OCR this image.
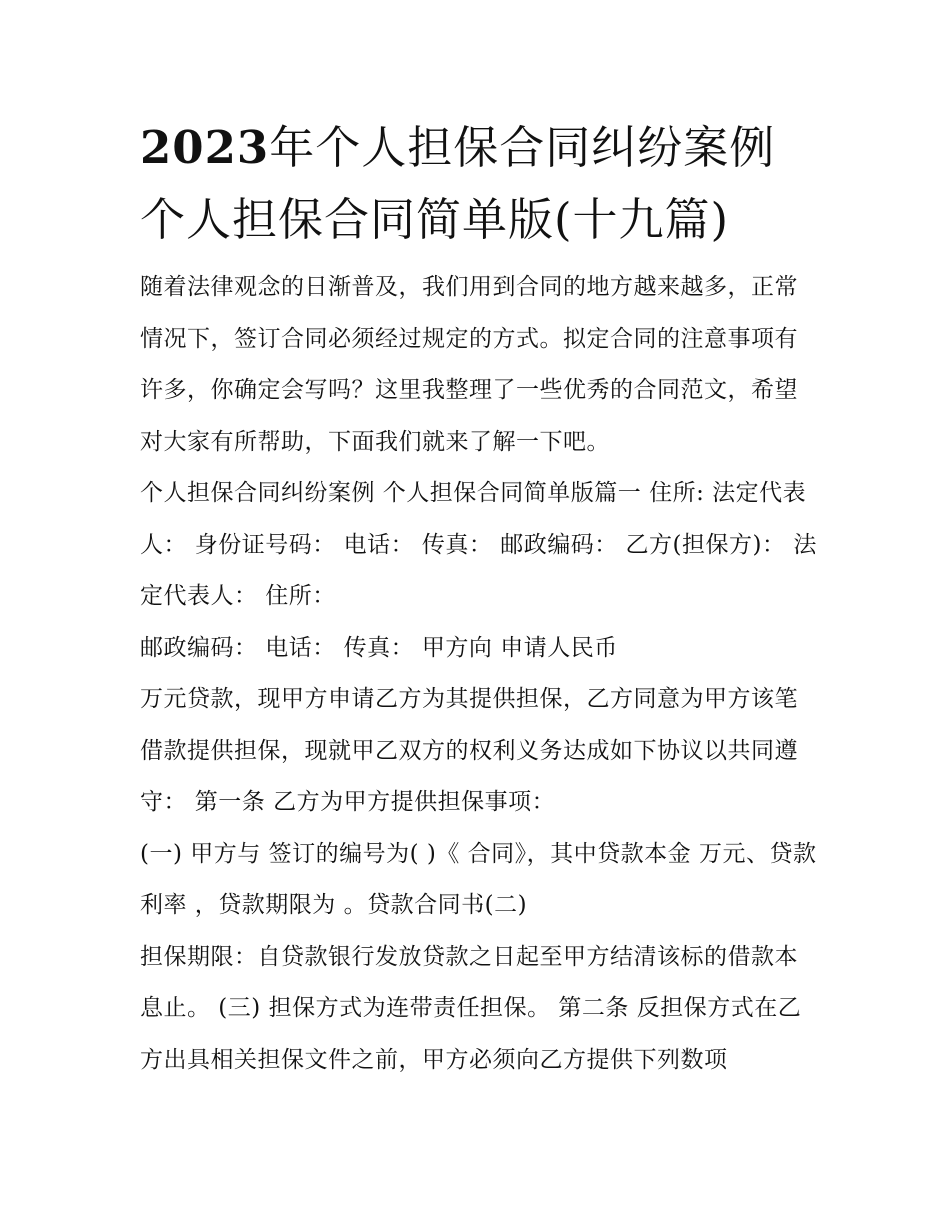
2023年个人担保合同纠纷案例
个人担保合同简单版(十九篇)

随着法律观念的日渐普及，我们用到合同的地方越来越多，正常情况下，签订合同必须经过规定的方式。拟定合同的注意事项有许多，你确定会写吗？这里我整理了一些优秀的合同范文，希望对大家有所帮助，下面我们就来了解一下吧。

个人担保合同纠纷案例 个人担保合同简单版篇一 住所: 法定代表人： 身份证号码： 电话： 传真： 邮政编码： 乙方(担保方)： 法定代表人： 住所：

邮政编码： 电话： 传真： 甲方向 申请人民币

万元贷款，现甲方申请乙方为其提供担保，乙方同意为甲方该笔借款提供担保，现就甲乙双方的权利义务达成如下协议以共同遵守： 第一条 乙方为甲方提供担保事项：

(一) 甲方与 签订的编号为( )《 合同》，其中贷款本金 万元、贷款利率 ，贷款期限为 。贷款合同书(二)

担保期限：自贷款银行发放贷款之日起至甲方结清该标的借款本息止。 (三) 担保方式为连带责任担保。 第二条 反担保方式在乙方出具相关担保文件之前，甲方必须向乙方提供下列数项
